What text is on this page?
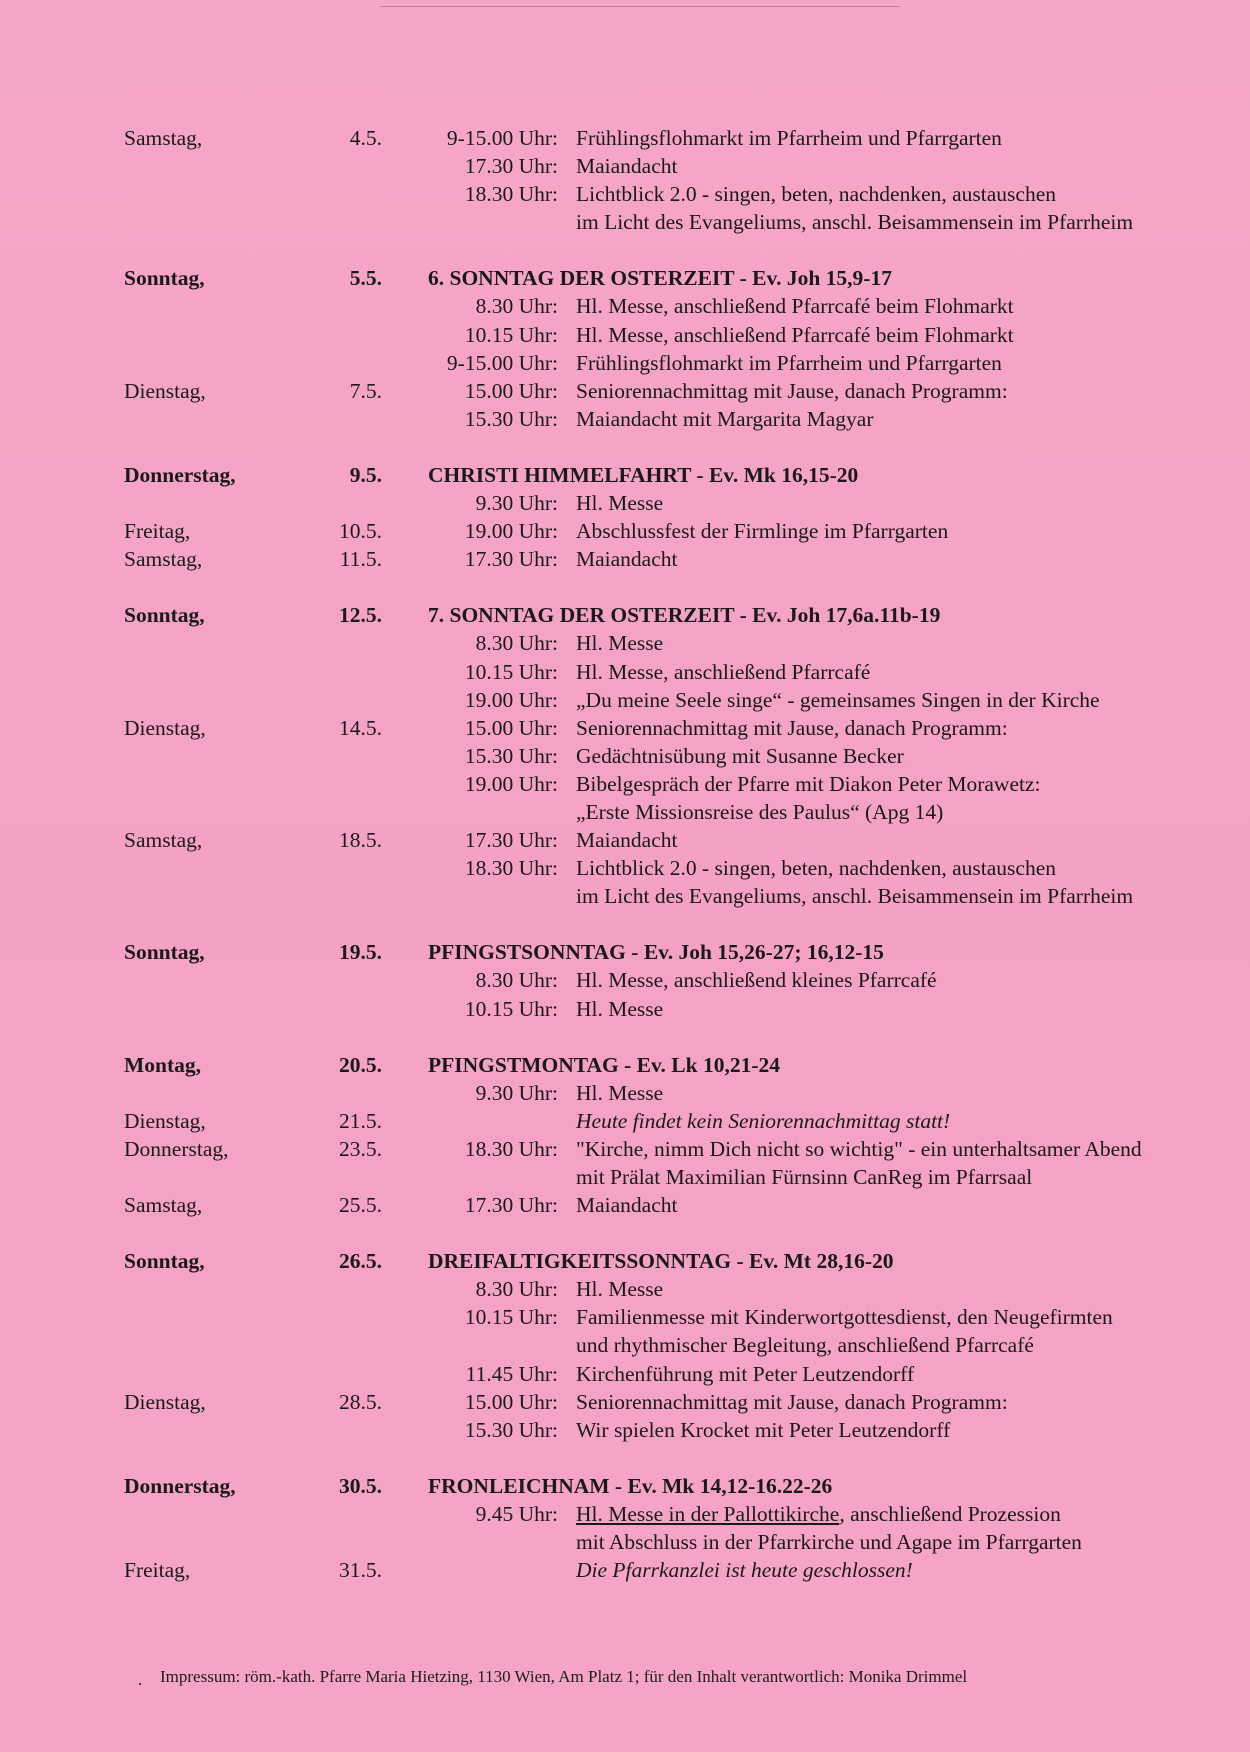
Samstag,	4.5.	9-15.00 Uhr: Frühlingsflohmarkt im Pfarrheim und Pfarrgarten
17.30 Uhr: Maiandacht
18.30 Uhr: Lichtblick 2.0 - singen, beten, nachdenken, austauschen
im Licht des Evangeliums, anschl. Beisammensein im Pfarrheim
Sonntag,	5.5. 6. SONNTAG DER OSTERZEIT - Ev. Joh 15,9-17
8.30 Uhr: Hl. Messe, anschließend Pfarrcafé beim Flohmarkt
10.15 Uhr: Hl. Messe, anschließend Pfarrcafé beim Flohmarkt
9-15.00 Uhr: Frühlingsflohmarkt im Pfarrheim und Pfarrgarten
Dienstag,	7.5.	15.00 Uhr: Seniorennachmittag mit Jause, danach Programm:
15.30 Uhr: Maiandacht mit Margarita Magyar
Donnerstag,	9.5. CHRISTI HIMMELFAHRT - Ev. Mk 16,15-20
9.30 Uhr: Hl. Messe
Freitag,	10.5.	19.00 Uhr: Abschlussfest der Firmlinge im Pfarrgarten
Samstag,	11.5.	17.30 Uhr: Maiandacht
Sonntag,	12.5. 7. SONNTAG DER OSTERZEIT - Ev. Joh 17,6a.11b-19
8.30 Uhr: Hl. Messe
10.15 Uhr: Hl. Messe, anschließend Pfarrcafé
19.00 Uhr: „Du meine Seele singe“ - gemeinsames Singen in der Kirche
Dienstag,	14.5.	15.00 Uhr: Seniorennachmittag mit Jause, danach Programm:
15.30 Uhr: Gedächtnisübung mit Susanne Becker
19.00 Uhr: Bibelgespräch der Pfarre mit Diakon Peter Morawetz:
„Erste Missionsreise des Paulus“ (Apg 14)
Samstag,	18.5.	17.30 Uhr: Maiandacht
18.30 Uhr: Lichtblick 2.0 - singen, beten, nachdenken, austauschen
im Licht des Evangeliums, anschl. Beisammensein im Pfarrheim
Sonntag,	19.5. PFINGSTSONNTAG - Ev. Joh 15,26-27; 16,12-15
8.30 Uhr: Hl. Messe, anschließend kleines Pfarrcafé
10.15 Uhr: Hl. Messe
Montag,	20.5. PFINGSTMONTAG - Ev. Lk 10,21-24
9.30 Uhr: Hl. Messe
Dienstag,	21.5.	Heute findet kein Seniorennachmittag statt!
Donnerstag,	23.5.	18.30 Uhr: "Kirche, nimm Dich nicht so wichtig" - ein unterhaltsamer Abend
mit Prälat Maximilian Fürnsinn CanReg im Pfarrsaal
Samstag,	25.5.	17.30 Uhr: Maiandacht
Sonntag,	26.5. DREIFALTIGKEITSSONNTAG - Ev. Mt 28,16-20
8.30 Uhr: Hl. Messe
10.15 Uhr: Familienmesse mit Kinderwortgottesdienst, den Neugefirmten
und rhythmischer Begleitung, anschließend Pfarrcafé
11.45 Uhr: Kirchenführung mit Peter Leutzendorff
Dienstag,	28.5.	15.00 Uhr: Seniorennachmittag mit Jause, danach Programm:
15.30 Uhr: Wir spielen Krocket mit Peter Leutzendorff
Donnerstag,	30.5. FRONLEICHNAM - Ev. Mk 14,12-16.22-26
9.45 Uhr: Hl. Messe in der Pallottikirche, anschließend Prozession
mit Abschluss in der Pfarrkirche und Agape im Pfarrgarten
Freitag,	31.5.	Die Pfarrkanzlei ist heute geschlossen!
. Impressum: röm.-kath. Pfarre Maria Hietzing, 1130 Wien, Am Platz 1; für den Inhalt verantwortlich: Monika Drimmel
